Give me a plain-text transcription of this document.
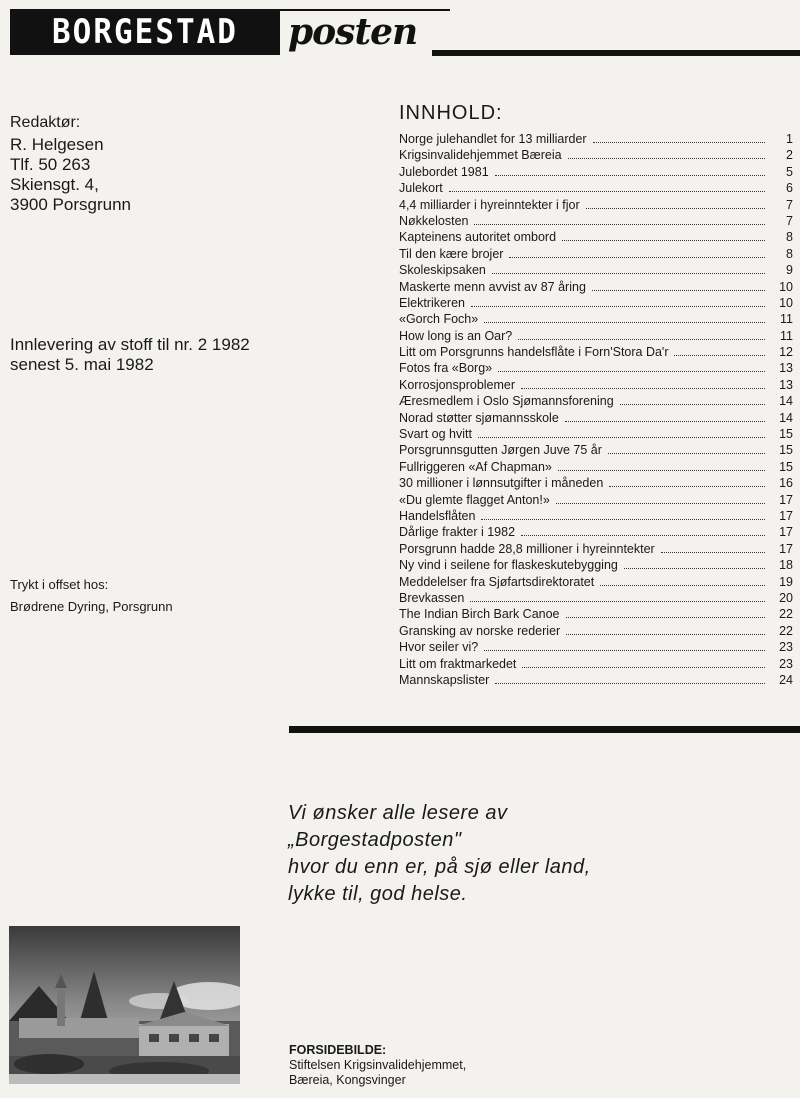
BORGESTAD posten
Redaktør:
R. Helgesen
Tlf. 50 263
Skiensgt. 4,
3900 Porsgrunn
Innlevering av stoff til nr. 2 1982
senest 5. mai 1982
Trykt i offset hos:
Brødrene Dyring, Porsgrunn
INNHOLD:
Norge julehandlet for 13 milliarder	1
Krigsinvalidehjemmet Bæreia	2
Julebordet 1981	5
Julekort	6
4,4 milliarder i hyreinntekter i fjor	7
Nøkkelosten	7
Kapteinens autoritet ombord	8
Til den kære brojer	8
Skoleskipsaken	9
Maskerte menn avvist av 87 åring	10
Elektrikeren	10
«Gorch Foch»	11
How long is an Oar?	11
Litt om Porsgrunns handelsflåte i Forn'Stora Da'r	12
Fotos fra «Borg»	13
Korrosjonsproblemer	13
Æresmedlem i Oslo Sjømannsforening	14
Norad støtter sjømannsskole	14
Svart og hvitt	15
Porsgrunnsgutten Jørgen Juve 75 år	15
Fullriggeren «Af Chapman»	15
30 millioner i lønnsutgifter i måneden	16
«Du glemte flagget Anton!»	17
Handelsflåten	17
Dårlige frakter i 1982	17
Porsgrunn hadde 28,8 millioner i hyreinntekter	17
Ny vind i seilene for flaskeskutebygging	18
Meddelelser fra Sjøfartsdirektoratet	19
Brevkassen	20
The Indian Birch Bark Canoe	22
Gransking av norske rederier	22
Hvor seiler vi?	23
Litt om fraktmarkedet	23
Mannskapslister	24
Vi ønsker alle lesere av
„Borgestadposten"
hvor du enn er, på sjø eller land,
lykke til, god helse.
FORSIDEBILDE:
Stiftelsen Krigsinvalidehjemmet,
Bæreia, Kongsvinger
